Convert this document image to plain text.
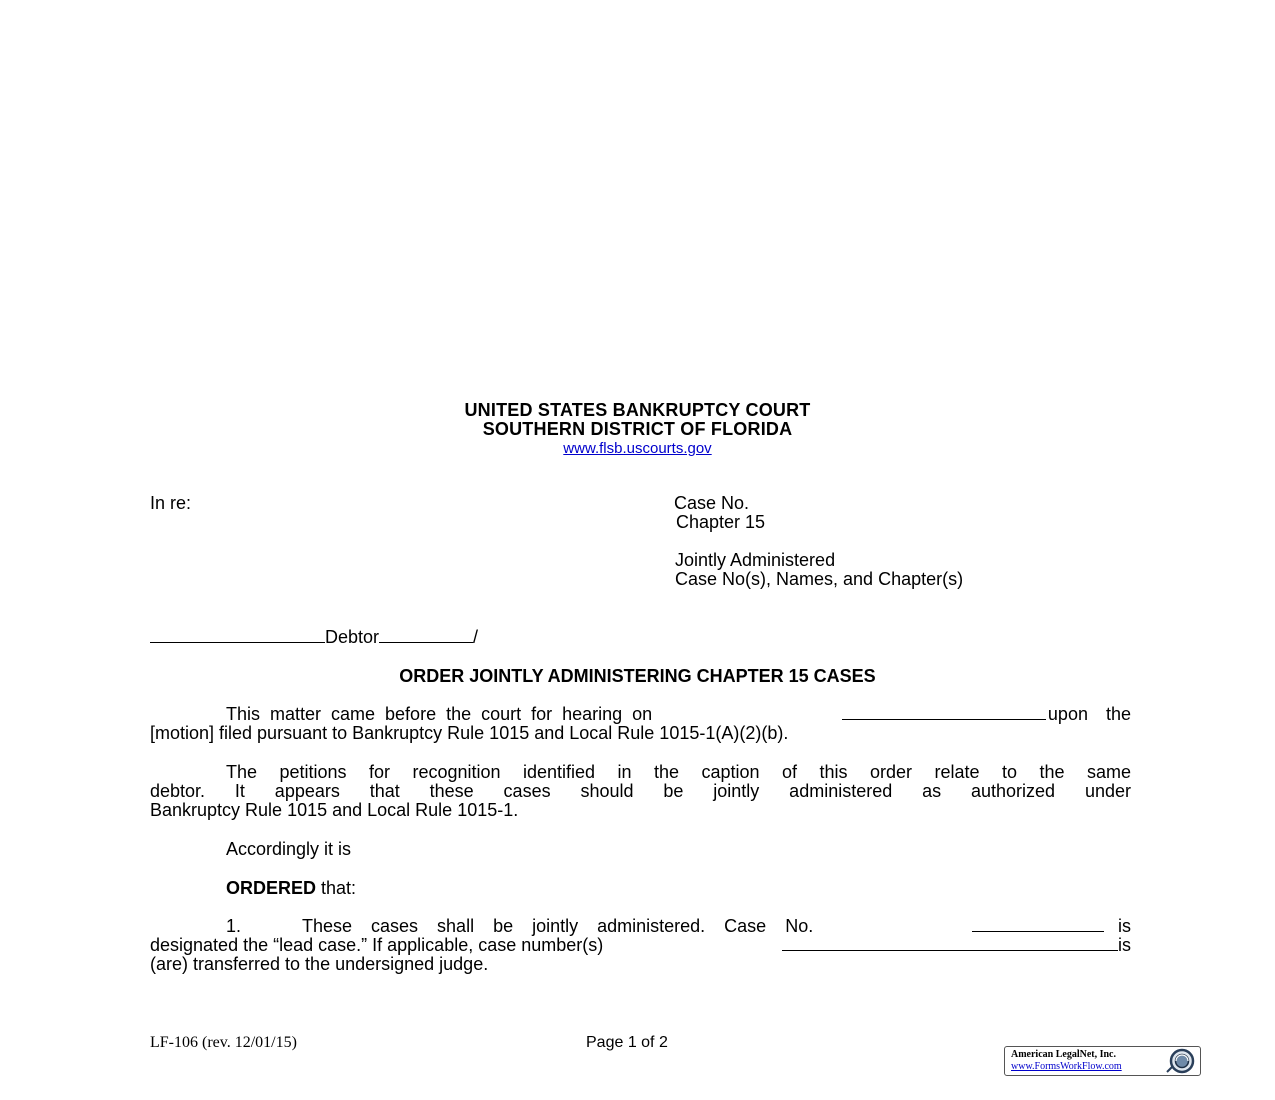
UNITED STATES BANKRUPTCY COURT
SOUTHERN DISTRICT OF FLORIDA
www.flsb.uscourts.gov
In re:	Case No.
Chapter 15
Jointly Administered
Case No(s), Names, and Chapter(s)
Debtor	/
ORDER JOINTLY ADMINISTERING CHAPTER 15 CASES
This matter came before the court for hearing on	upon the
[motion] filed pursuant to Bankruptcy Rule 1015 and Local Rule 1015-1(A)(2)(b).
The petitions for recognition identified in the caption of this order relate to the same
debtor. It appears that these cases should be jointly administered as authorized under
Bankruptcy Rule 1015 and Local Rule 1015-1.
Accordingly it is
ORDERED that:
1.	These cases shall be jointly administered. Case No.	is
designated the “lead case.” If applicable, case number(s)	is
(are) transferred to the undersigned judge.
LF-106 (rev. 12/01/15)	Page 1 of 2
American LegalNet, Inc.
www.FormsWorkFlow.com
